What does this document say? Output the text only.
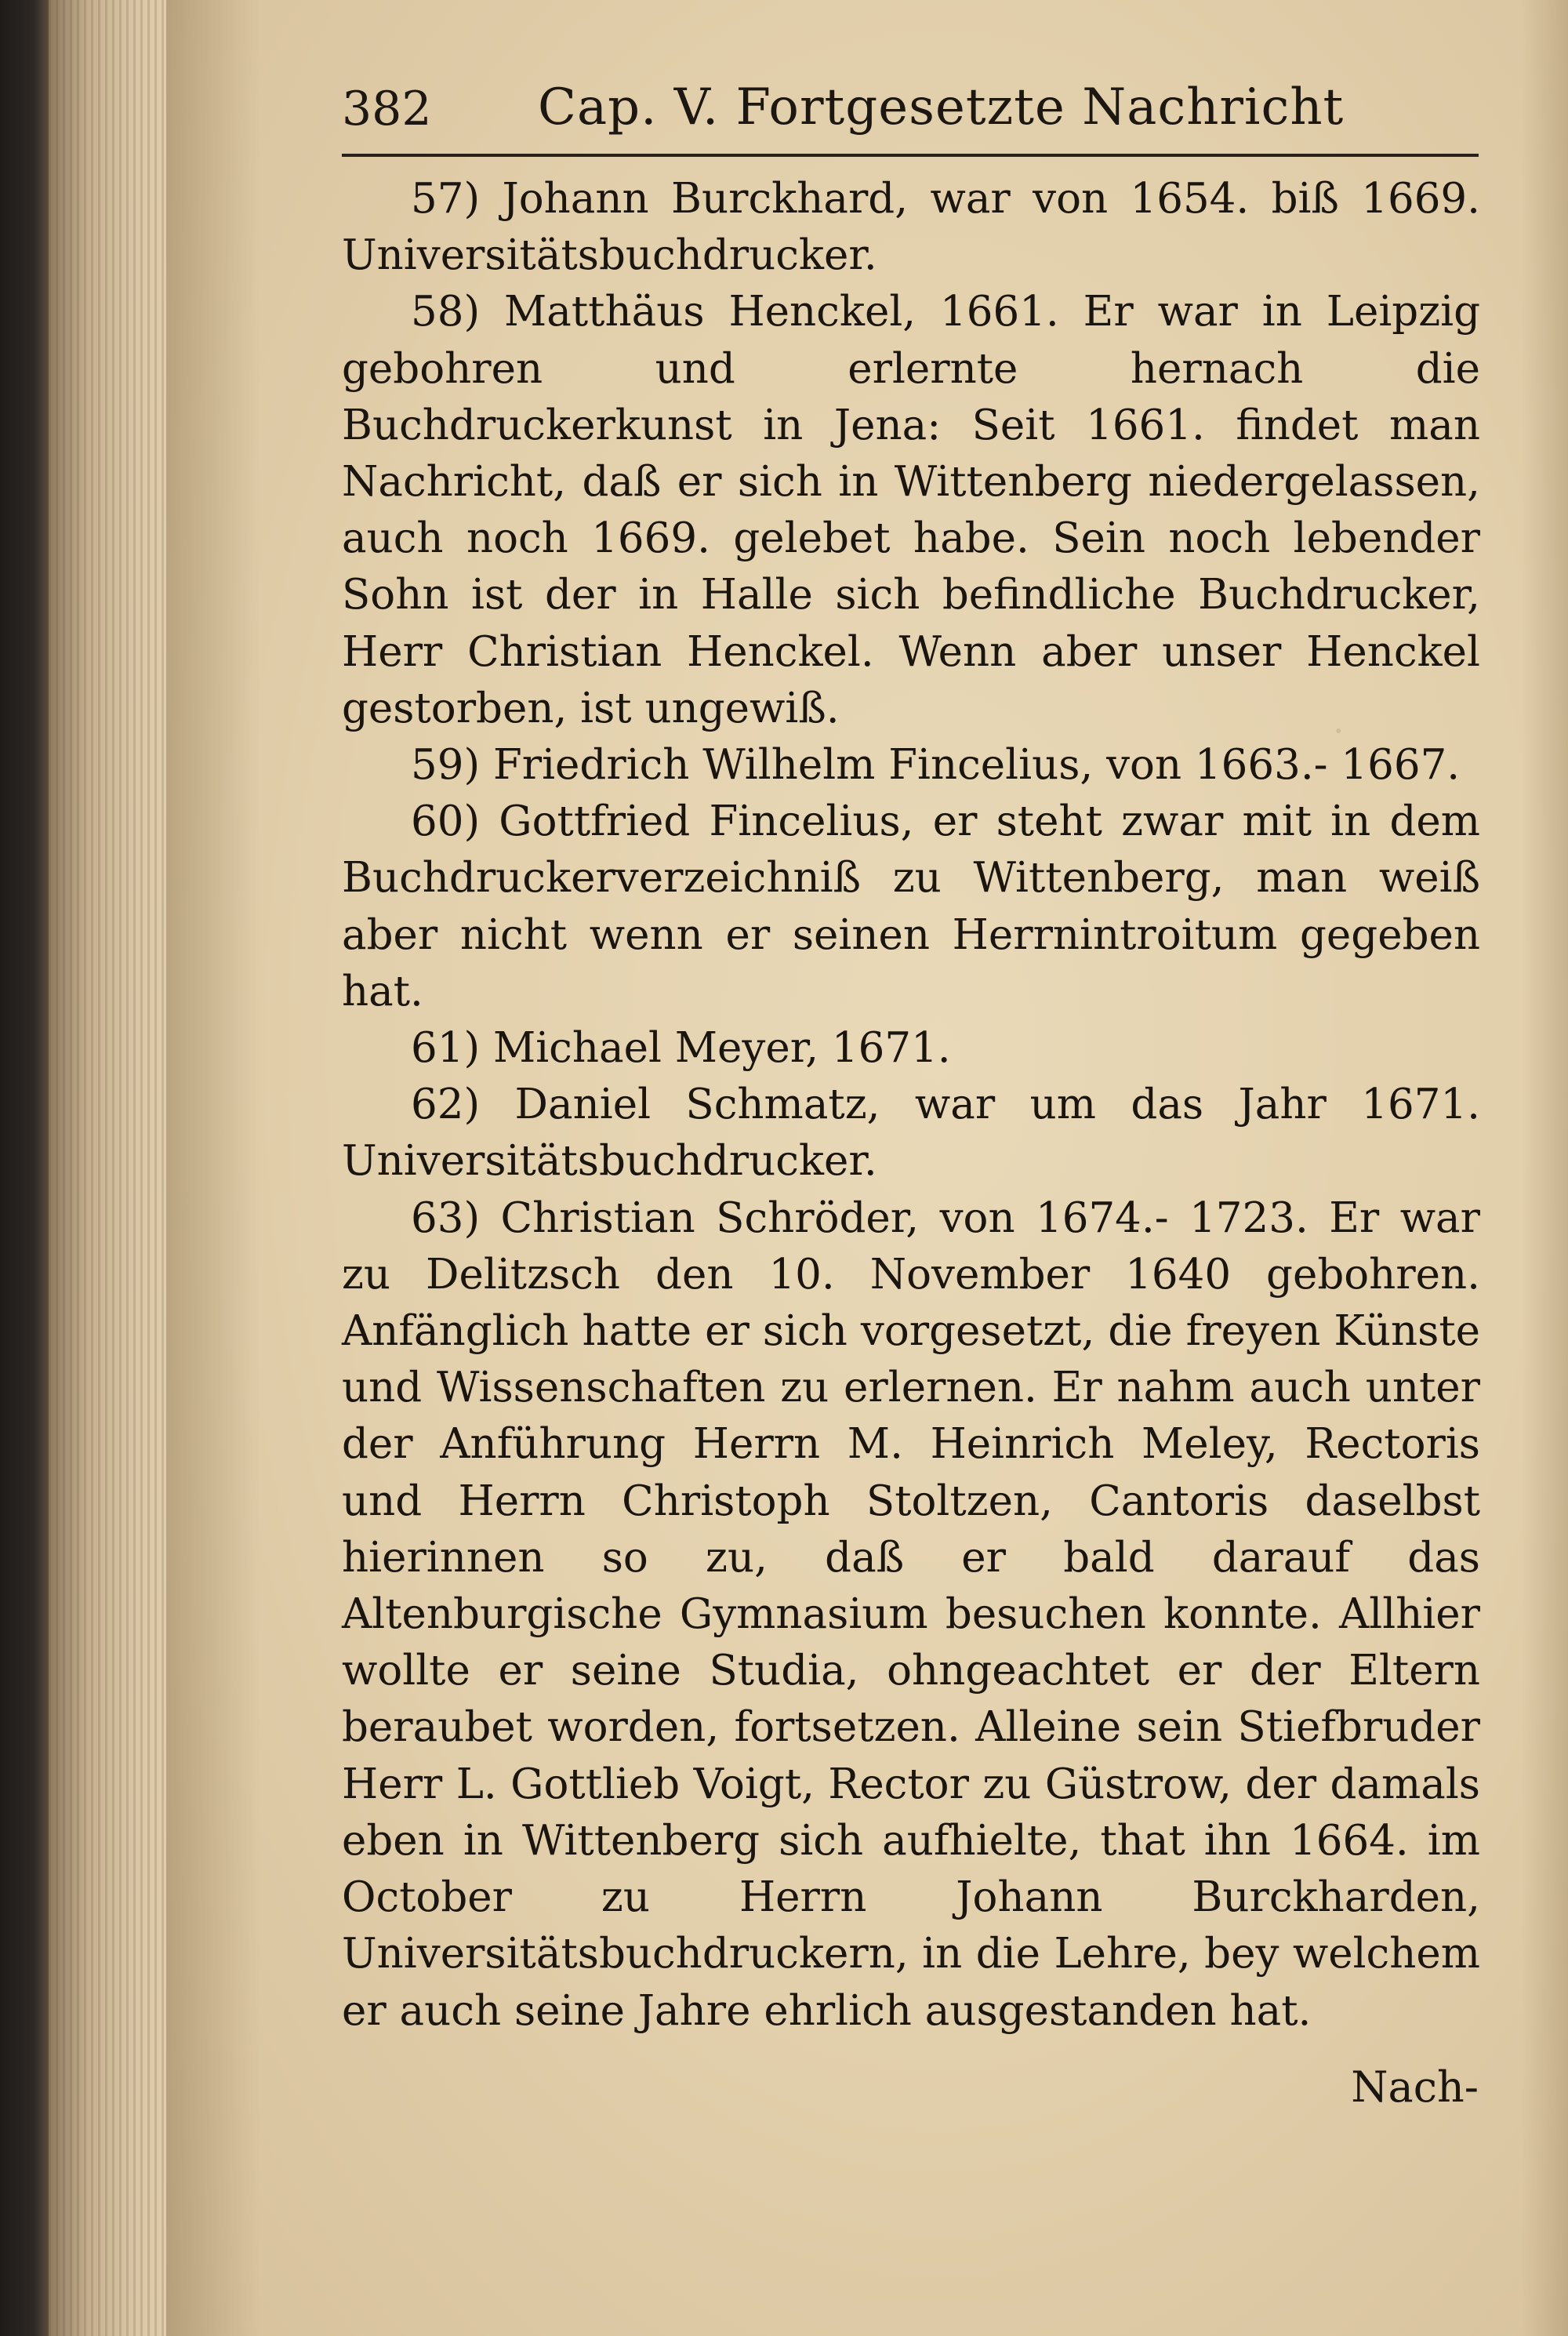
·
382 Cap. V. Fortgesetzte Nachricht

57) Johann Burckhard, war von 1654. biß 1669. Universitätsbuchdrucker.

58) Matthäus Henckel, 1661. Er war in Leipzig gebohren und erlernte hernach die Buchdruckerkunst in Jena: Seit 1661. findet man Nachricht, daß er sich in Wittenberg niedergelassen, auch noch 1669. gelebet habe. Sein noch lebender Sohn ist der in Halle sich befindliche Buchdrucker, Herr Christian Henckel. Wenn aber unser Henckel gestorben, ist ungewiß.

59) Friedrich Wilhelm Fincelius, von 1663.- 1667.

60) Gottfried Fincelius, er steht zwar mit in dem Buchdruckerverzeichniß zu Wittenberg, man weiß aber nicht wenn er seinen Herrnintroitum gegeben hat.

61) Michael Meyer, 1671.

62) Daniel Schmatz, war um das Jahr 1671. Universitätsbuchdrucker.

63) Christian Schröder, von 1674.- 1723. Er war zu Delitzsch den 10. November 1640 gebohren. Anfänglich hatte er sich vorgesetzt, die freyen Künste und Wissenschaften zu erlernen. Er nahm auch unter der Anführung Herrn M. Heinrich Meley, Rectoris und Herrn Christoph Stoltzen, Cantoris daselbst hierinnen so zu, daß er bald darauf das Altenburgische Gymnasium besuchen konnte. Allhier wollte er seine Studia, ohngeachtet er der Eltern beraubet worden, fortsetzen. Alleine sein Stiefbruder Herr L. Gottlieb Voigt, Rector zu Güstrow, der damals eben in Wittenberg sich aufhielte, that ihn 1664. im October zu Herrn Johann Burckharden, Universitätsbuchdruckern, in die Lehre, bey welchem er auch seine Jahre ehrlich ausgestanden hat.

Nach-
